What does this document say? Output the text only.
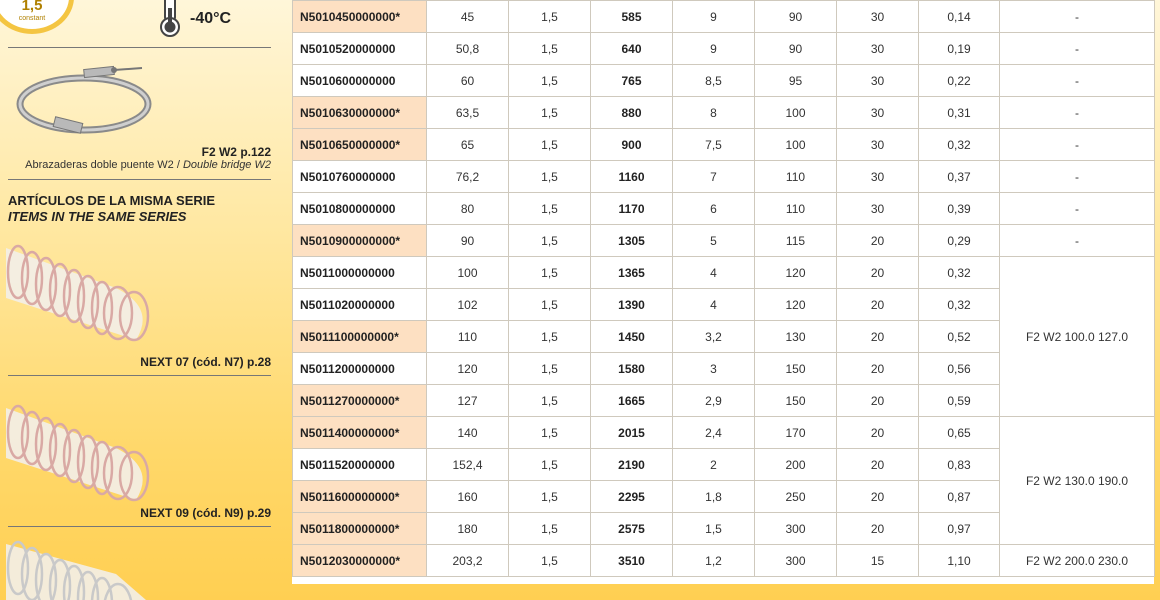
1,5
constant	-40°C
F2 W2 p.122
Abrazaderas doble puente W2 / Double bridge W2
ARTÍCULOS DE LA MISMA SERIE
ITEMS IN THE SAME SERIES
NEXT 07 (cód. N7) p.28
NEXT 09 (cód. N9) p.29
N5010450000000*	45	1,5	585	9	90	30	0,14	-
N5010520000000	50,8	1,5	640	9	90	30	0,19	-
N5010600000000	60	1,5	765	8,5	95	30	0,22	-
N5010630000000*	63,5	1,5	880	8	100	30	0,31	-
N5010650000000*	65	1,5	900	7,5	100	30	0,32	-
N5010760000000	76,2	1,5	1160	7	110	30	0,37	-
N5010800000000	80	1,5	1170	6	110	30	0,39	-
N5010900000000*	90	1,5	1305	5	115	20	0,29	-
N5011000000000	100	1,5	1365	4	120	20	0,32	F2 W2 100.0 127.0
N5011020000000	102	1,5	1390	4	120	20	0,32	
N5011100000000*	110	1,5	1450	3,2	130	20	0,52	
N5011200000000	120	1,5	1580	3	150	20	0,56	
N5011270000000*	127	1,5	1665	2,9	150	20	0,59	
N5011400000000*	140	1,5	2015	2,4	170	20	0,65	F2 W2 130.0 190.0
N5011520000000	152,4	1,5	2190	2	200	20	0,83	
N5011600000000*	160	1,5	2295	1,8	250	20	0,87	
N5011800000000*	180	1,5	2575	1,5	300	20	0,97	
N5012030000000*	203,2	1,5	3510	1,2	300	15	1,10	F2 W2 200.0 230.0
